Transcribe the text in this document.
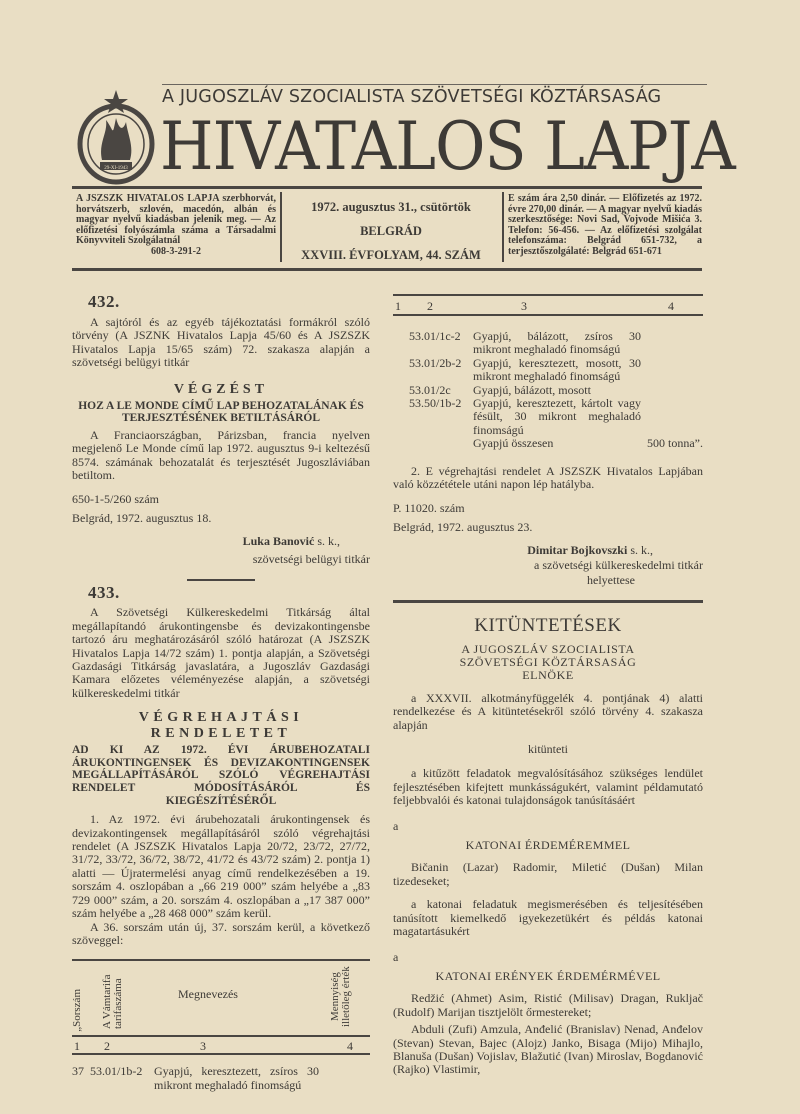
29-XI-1943
A JUGOSZLÁV SZOCIALISTA SZÖVETSÉGI KÖZTÁRSASÁG
HIVATALOS LAPJA
A JSZSZK HIVATALOS LAPJA szerbhorvát, horvátszerb, szlovén, macedón, albán és magyar nyelvű kiadásban jelenik meg. — Az előfizetési folyószámla száma a Társadalmi Könyvviteli Szolgálatnál
608-3-291-2
1972. augusztus 31., csütörtök
BELGRÁD
XXVIII. ÉVFOLYAM, 44. SZÁM
E szám ára 2,50 dinár. — Előfizetés az 1972. évre 270,00 dinár. — A magyar nyelvű kiadás szerkesztősége: Novi Sad, Vojvode Mišića 3. Telefon: 56-456. — Az előfizetési szolgálat telefonszáma: Belgrád 651-732, a terjesztőszolgálaté: Belgrád 651-671
432.

A sajtóról és az egyéb tájékoztatási formákról szóló törvény (A JSZNK Hivatalos Lapja 45/60 és A JSZSZK Hivatalos Lapja 15/65 szám) 72. szakasza alapján a szövetségi belügyi titkár

VÉGZÉST
HOZ A LE MONDE CÍMŰ LAP BEHOZATALÁNAK ÉS TERJESZTÉSÉNEK BETILTÁSÁRÓL

A Franciaországban, Párizsban, francia nyelven megjelenő Le Monde című lap 1972. augusztus 9-i keltezésű 8574. számának behozatalát és terjesztését Jugoszláviában betiltom.

650-1-5/260 szám
Belgrád, 1972. augusztus 18.
Luka Banović s. k.,
szövetségi belügyi titkár
433.

A Szövetségi Külkereskedelmi Titkárság által megállapítandó árukontingensbe és devizakontingensbe tartozó áru meghatározásáról szóló határozat (A JSZSZK Hivatalos Lapja 14/72 szám) 1. pontja alapján, a Szövetségi Gazdasági Titkárság javaslatára, a Jugoszláv Gazdasági Kamara előzetes véleményezése alapján, a szövetségi külkereskedelmi titkár

VÉGREHAJTÁSI RENDELETET
AD KI AZ 1972. ÉVI ÁRUBEHOZATALI ÁRUKONTINGENSEK ÉS DEVIZAKONTINGENSEK MEGÁLLAPÍTÁSÁRÓL SZÓLÓ VÉGREHAJTÁSI RENDELET MÓDOSÍTÁSÁRÓL ÉS KIEGÉSZÍTÉSÉRŐL

1. Az 1972. évi árubehozatali árukontingensek és devizakontingensek megállapításáról szóló végrehajtási rendelet (A JSZSZK Hivatalos Lapja 20/72, 23/72, 27/72, 31/72, 33/72, 36/72, 38/72, 41/72 és 43/72 szám) 2. pontja 1) alatti — Újratermelési anyag című rendelkezésében a 19. sorszám 4. oszlopában a „66 219 000” szám helyébe a „83 729 000” szám, a 20. sorszám 4. oszlopában a „17 387 000” szám helyébe a „28 468 000” szám kerül.

A 36. sorszám után új, 37. sorszám kerül, a következő szöveggel:

„Sorszám A Vámtarifa tarifaszáma	Megnevezés	Mennyiség illetőleg érték
1 2	3	4
37 53.01/1b-2 Gyapjú, keresztezett, zsíros 30 mikront meghaladó finomságú
1 2	3	4
53.01/1c-2	Gyapjú, bálázott, zsíros 30 mikront meghaladó finomságú
53.01/2b-2 Gyapjú, keresztezett, mosott, 30 mikront meghaladó finomságú
53.01/2c	Gyapjú, bálázott, mosott
53.50/1b-2 Gyapjú, keresztezett, kártolt vagy fésült, 30 mikront meghaladó finomságú
Gyapjú összesen	500 tonna”.

2. E végrehajtási rendelet A JSZSZK Hivatalos Lapjában való közzététele utáni napon lép hatályba.

P. 11020. szám
Belgrád, 1972. augusztus 23.
Dimitar Bojkovszki s. k.,
a szövetségi külkereskedelmi titkár
helyettese
KITÜNTETÉSEK
A JUGOSZLÁV SZOCIALISTA SZÖVETSÉGI KÖZTÁRSASÁG ELNÖKE

a XXXVII. alkotmányfüggelék 4. pontjának 4) alatti rendelkezése és A kitüntetésekről szóló törvény 4. szakasza alapján

kitünteti

a kitűzött feladatok megvalósításához szükséges lendület fejlesztésében kifejtett munkásságukért, valamint példamutató feljebbvalói és katonai tulajdonságok tanúsításáért

a
KATONAI ÉRDEMÉREMMEL

Bičanin (Lazar) Radomir, Miletić (Dušan) Milan tizedeseket;

a katonai feladatuk megismerésében és teljesítésében tanúsított kiemelkedő igyekezetükért és példás katonai magatartásukért

a
KATONAI ERÉNYEK ÉRDEMÉRMÉVEL

Redžić (Ahmet) Asim, Ristić (Milisav) Dragan, Rukljač (Rudolf) Marijan tisztjelölt őrmestereket;

Abduli (Zufi) Amzula, Anđelić (Branislav) Nenad, Anđelov (Stevan) Stevan, Bajec (Alojz) Janko, Bisaga (Mijo) Mihajlo, Blanuša (Dušan) Vojislav, Blažutić (Ivan) Miroslav, Bogdanović (Rajko) Vlastimir,
